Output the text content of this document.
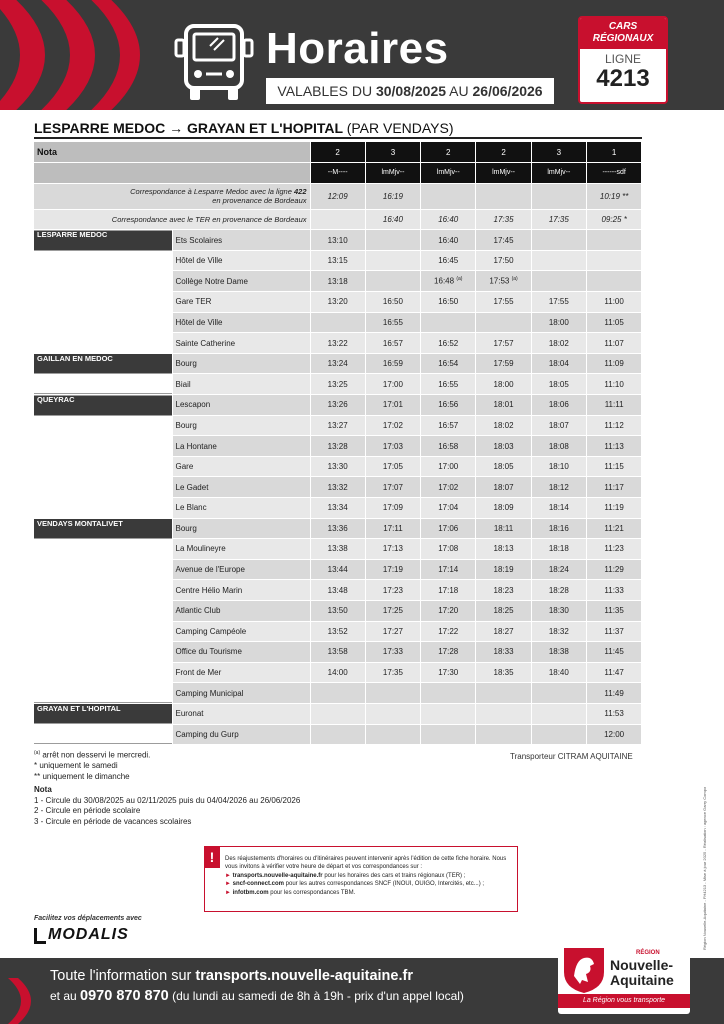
Horaires
VALABLES DU 30/08/2025 AU 26/06/2026
CARS RÉGIONAUX
LIGNE
4213
LESPARRE MEDOC → GRAYAN ET L'HOPITAL (PAR VENDAYS)
Nota		2	3	2	2	3	1
		--M----	lmMjv--	lmMjv--	lmMjv--	lmMjv--	------sdf
Correspondance à Lesparre Medoc avec la ligne 422
en provenance de Bordeaux		12:09	16:19				10:19 **
Correspondance avec le TER en provenance de Bordeaux			16:40	16:40	17:35	17:35	09:25 *
LESPARRE MEDOC	Ets Scolaires	13:10		16:40	17:45		
	Hôtel de Ville	13:15		16:45	17:50		
	Collège Notre Dame	13:18		16:48 $^{(a)}$	17:53 $^{(a)}$		
	Gare TER	13:20	16:50	16:50	17:55	17:55	11:00
	Hôtel de Ville		16:55			18:00	11:05
	Sainte Catherine	13:22	16:57	16:52	17:57	18:02	11:07
GAILLAN EN MEDOC	Bourg	13:24	16:59	16:54	17:59	18:04	11:09
	Biail	13:25	17:00	16:55	18:00	18:05	11:10
QUEYRAC	Lescapon	13:26	17:01	16:56	18:01	18:06	11:11
	Bourg	13:27	17:02	16:57	18:02	18:07	11:12
	La Hontane	13:28	17:03	16:58	18:03	18:08	11:13
	Gare	13:30	17:05	17:00	18:05	18:10	11:15
	Le Gadet	13:32	17:07	17:02	18:07	18:12	11:17
	Le Blanc	13:34	17:09	17:04	18:09	18:14	11:19
VENDAYS MONTALIVET	Bourg	13:36	17:11	17:06	18:11	18:16	11:21
	La Moulineyre	13:38	17:13	17:08	18:13	18:18	11:23
	Avenue de l'Europe	13:44	17:19	17:14	18:19	18:24	11:29
	Centre Hélio Marin	13:48	17:23	17:18	18:23	18:28	11:33
	Atlantic Club	13:50	17:25	17:20	18:25	18:30	11:35
	Camping Campéole	13:52	17:27	17:22	18:27	18:32	11:37
	Office du Tourisme	13:58	17:33	17:28	18:33	18:38	11:45
	Front de Mer	14:00	17:35	17:30	18:35	18:40	11:47
	Camping Municipal						11:49
GRAYAN ET L'HOPITAL	Euronat						11:53
	Camping du Gurp						12:00
Transporteur CITRAM AQUITAINE
$^{(a)}$ arrêt non desservi le mercredi.
* uniquement le samedi
** uniquement le dimanche
Nota
1 - Circule du 30/08/2025 au 02/11/2025 puis du 04/04/2026 au 26/06/2026
2 - Circule en période scolaire
3 - Circule en période de vacances scolaires
!	Des réajustements d'horaires ou d'itinéraires peuvent intervenir après l'édition de cette fiche horaire. Nous vous invitons à vérifier votre heure de départ et vos correspondances sur :
► transports.nouvelle-aquitaine.fr pour les horaires des cars et trains régionaux (TER) ;
► sncf-connect.com pour les autres correspondances SNCF (INOUI, OUIGO, Intercités, etc...) ;
► infotbm.com pour les correspondances TBM.
Facilitez vos déplacements avec
MODALIS	Région Nouvelle-Aquitaine - FH4213 - Mise à jour 2025 - Réalisation : agence Garry Compo
Toute l'information sur transports.nouvelle-aquitaine.fr
et au 0970 870 870 (du lundi au samedi de 8h à 19h - prix d'un appel local)
RÉGION
Nouvelle-
Aquitaine
La Région vous transporte
